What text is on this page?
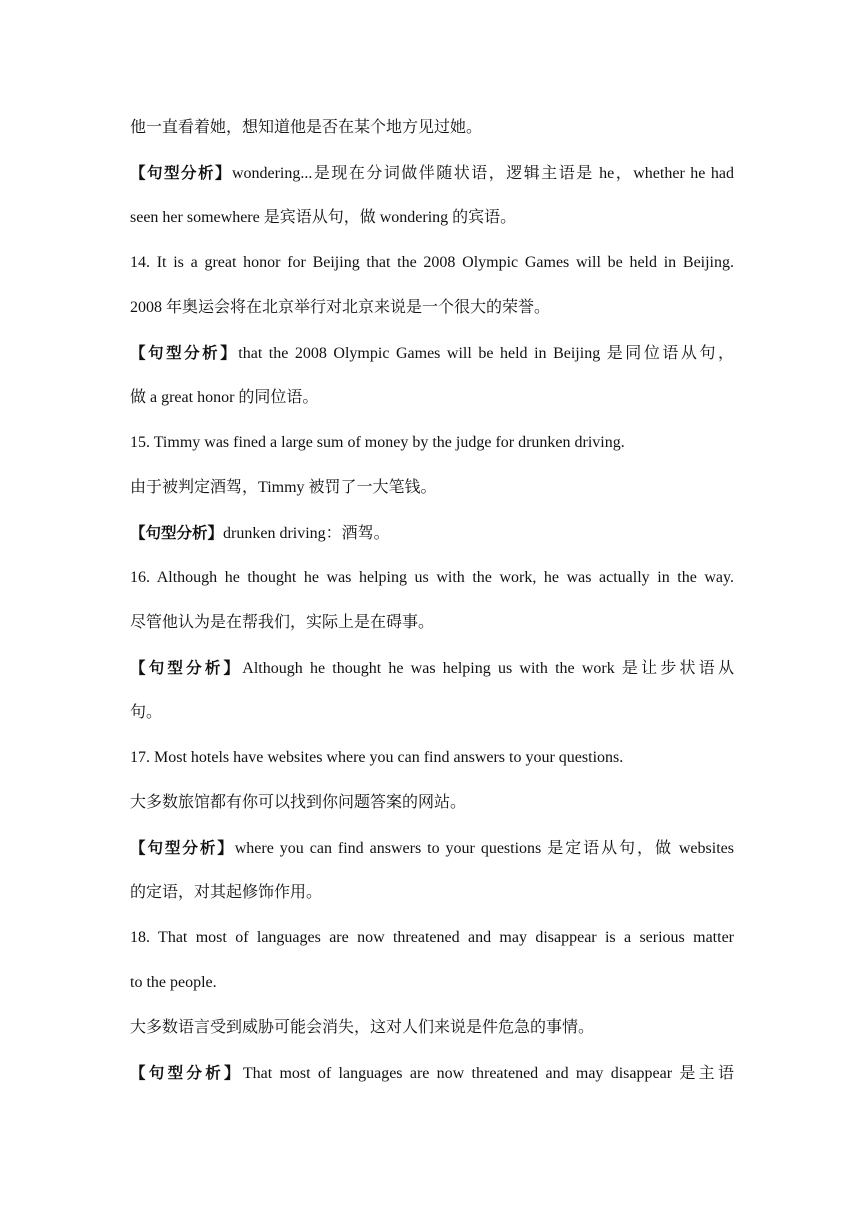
他一直看着她，想知道他是否在某个地方见过她。
【句型分析】wondering...是现在分词做伴随状语，逻辑主语是 he，whether he had
seen her somewhere 是宾语从句，做 wondering 的宾语。
14. It is a great honor for Beijing that the 2008 Olympic Games will be held in Beijing.
2008 年奥运会将在北京举行对北京来说是一个很大的荣誉。
【句型分析】that the 2008 Olympic Games will be held in Beijing 是同位语从句，
做 a great honor 的同位语。
15. Timmy was fined a large sum of money by the judge for drunken driving.
由于被判定酒驾，Timmy 被罚了一大笔钱。
【句型分析】drunken driving：酒驾。
16. Although he thought he was helping us with the work, he was actually in the way.
尽管他认为是在帮我们，实际上是在碍事。
【句型分析】Although he thought he was helping us with the work 是让步状语从
句。
17. Most hotels have websites where you can find answers to your questions.
大多数旅馆都有你可以找到你问题答案的网站。
【句型分析】where you can find answers to your questions 是定语从句，做 websites
的定语，对其起修饰作用。
18. That most of languages are now threatened and may disappear is a serious matter
to the people.
大多数语言受到威胁可能会消失，这对人们来说是件危急的事情。
【句型分析】That most of languages are now threatened and may disappear 是主语
